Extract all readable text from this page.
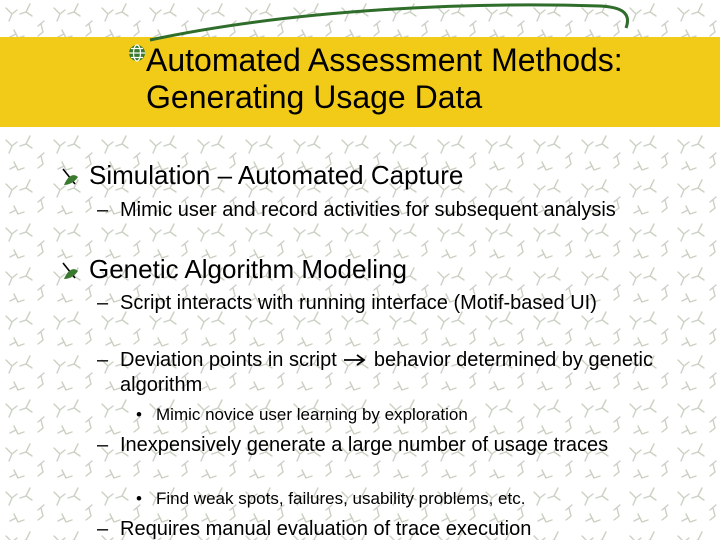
Automated Assessment Methods:
Generating Usage Data
Simulation – Automated Capture
– Mimic user and record activities for subsequent analysis
Genetic Algorithm Modeling
– Script interacts with running interface (Motif-based UI)
– Deviation points in script  behavior determined by genetic algorithm
• Mimic novice user learning by exploration
– Inexpensively generate a large number of usage traces
• Find weak spots, failures, usability problems, etc.
– Requires manual evaluation of trace execution
